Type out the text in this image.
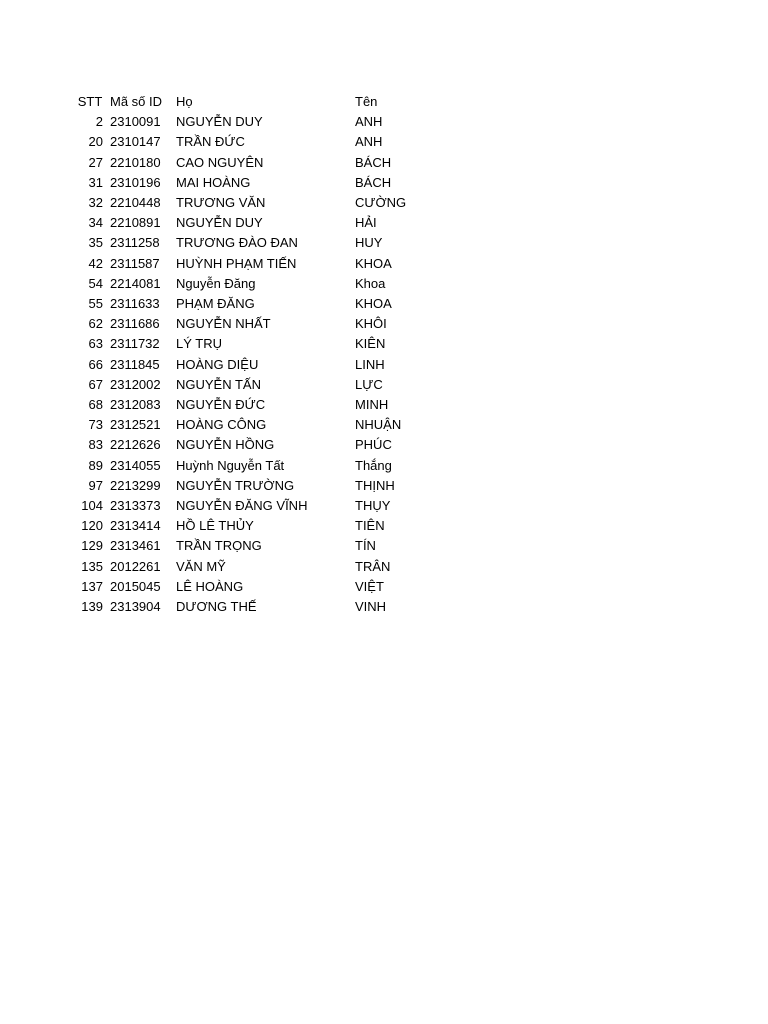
STT	Mã số ID	Họ	Tên
2	2310091	NGUYỄN DUY	ANH
20	2310147	TRẦN ĐỨC	ANH
27	2210180	CAO NGUYÊN	BÁCH
31	2310196	MAI HOÀNG	BÁCH
32	2210448	TRƯƠNG VĂN	CƯỜNG
34	2210891	NGUYỄN DUY	HẢI
35	2311258	TRƯƠNG ĐÀO ĐAN	HUY
42	2311587	HUỲNH PHẠM TIẾN	KHOA
54	2214081	Nguyễn Đăng	Khoa
55	2311633	PHẠM ĐĂNG	KHOA
62	2311686	NGUYỄN NHẤT	KHÔI
63	2311732	LÝ TRỤ	KIÊN
66	2311845	HOÀNG DIỆU	LINH
67	2312002	NGUYỄN TẤN	LỰC
68	2312083	NGUYỄN ĐỨC	MINH
73	2312521	HOÀNG CÔNG	NHUẬN
83	2212626	NGUYỄN HỒNG	PHÚC
89	2314055	Huỳnh Nguyễn Tất	Thắng
97	2213299	NGUYỄN TRƯỜNG	THỊNH
104	2313373	NGUYỄN ĐĂNG VĨNH	THỤY
120	2313414	HỒ LÊ THỦY	TIÊN
129	2313461	TRẦN TRỌNG	TÍN
135	2012261	VĂN MỸ	TRÂN
137	2015045	LÊ HOÀNG	VIỆT
139	2313904	DƯƠNG THẾ	VINH
